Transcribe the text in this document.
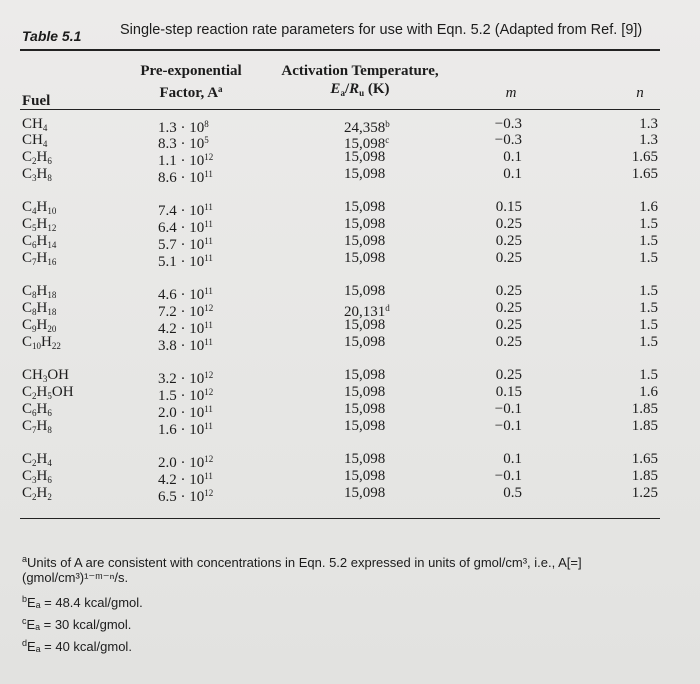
Table 5.1	Single-step reaction rate parameters for use with Eqn. 5.2 (Adapted from Ref. [9])
Fuel
Pre-exponential
Factor, $A^a$
Activation Temperature,
$E_a/R_u$ (K)	m	n
$CH_4$	$1.3 \cdot 10^8$	24,358$^b$	−0.3	1.3
$CH_4$	$8.3 \cdot 10^5$	15,098$^c$	−0.3	1.3
$C_2H_6$	$1.1 \cdot 10^{12}$	15,098	0.1	1.65
$C_3H_8$	$8.6 \cdot 10^{11}$	15,098	0.1	1.65
$C_4H_{10}$	$7.4 \cdot 10^{11}$	15,098	0.15	1.6
$C_5H_{12}$	$6.4 \cdot 10^{11}$	15,098	0.25	1.5
$C_6H_{14}$	$5.7 \cdot 10^{11}$	15,098	0.25	1.5
$C_7H_{16}$	$5.1 \cdot 10^{11}$	15,098	0.25	1.5
$C_8H_{18}$	$4.6 \cdot 10^{11}$	15,098	0.25	1.5
$C_8H_{18}$	$7.2 \cdot 10^{12}$	20,131$^d$	0.25	1.5
$C_9H_{20}$	$4.2 \cdot 10^{11}$	15,098	0.25	1.5
$C_{10}H_{22}$	$3.8 \cdot 10^{11}$	15,098	0.25	1.5
$CH_3OH$	$3.2 \cdot 10^{12}$	15,098	0.25	1.5
$C_2H_5OH$	$1.5 \cdot 10^{12}$	15,098	0.15	1.6
$C_6H_6$	$2.0 \cdot 10^{11}$	15,098	−0.1	1.85
$C_7H_8$	$1.6 \cdot 10^{11}$	15,098	−0.1	1.85
$C_2H_4$	$2.0 \cdot 10^{12}$	15,098	0.1	1.65
$C_3H_6$	$4.2 \cdot 10^{11}$	15,098	−0.1	1.85
$C_2H_2$	$6.5 \cdot 10^{12}$	15,098	0.5	1.25
$^a$Units of A are consistent with concentrations in Eqn. 5.2 expressed in units of gmol/cm³, i.e., A[=]
(gmol/cm³)¹⁻ᵐ⁻ⁿ/s.
$^b$Eₐ = 48.4 kcal/gmol.
$^c$Eₐ = 30 kcal/gmol.
$^d$Eₐ = 40 kcal/gmol.
